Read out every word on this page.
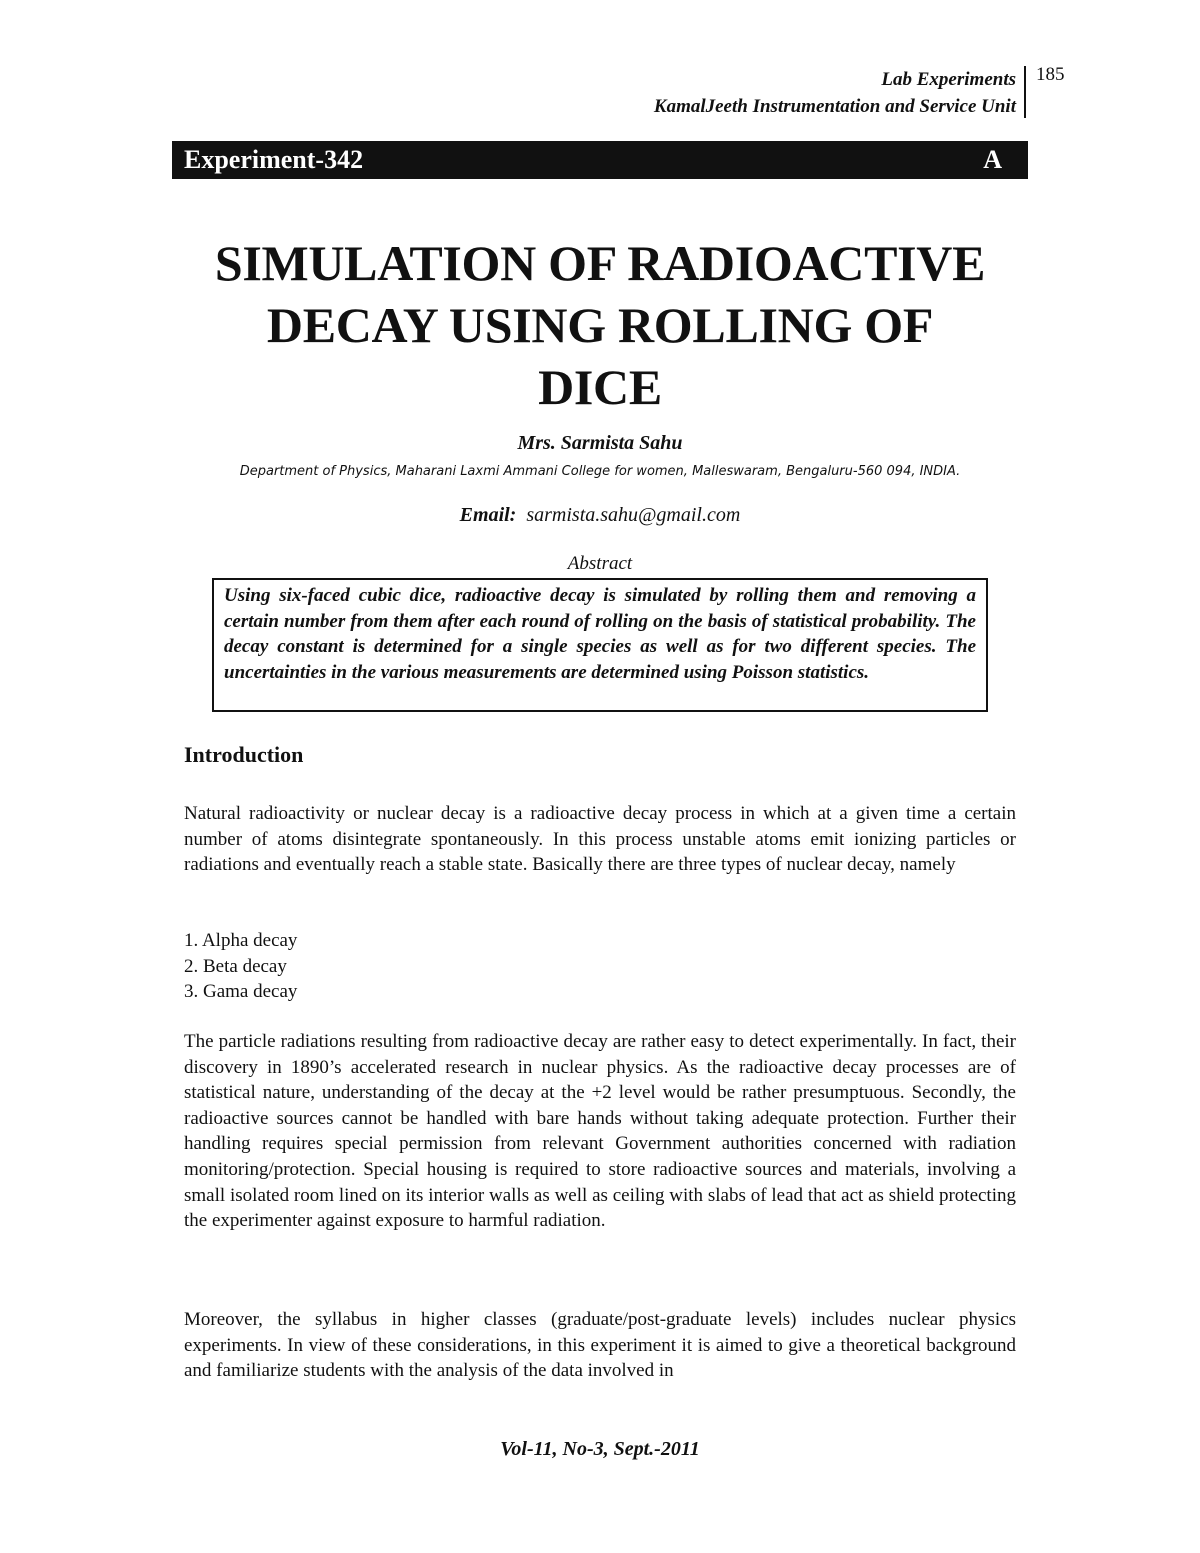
Lab Experiments
KamalJeeth Instrumentation and Service Unit
185
Experiment-342	A
SIMULATION OF RADIOACTIVE
DECAY USING ROLLING OF
DICE
Mrs. Sarmista Sahu
Department of Physics, Maharani Laxmi Ammani College for women, Malleswaram, Bengaluru-560 094, INDIA.
Email: sarmista.sahu@gmail.com
Abstract
Using six-faced cubic dice, radioactive decay is simulated by rolling them and removing a certain number from them after each round of rolling on the basis of statistical probability. The decay constant is determined for a single species as well as for two different species. The uncertainties in the various measurements are determined using Poisson statistics.
Introduction

Natural radioactivity or nuclear decay is a radioactive decay process in which at a given time a certain number of atoms disintegrate spontaneously. In this process unstable atoms emit ionizing particles or radiations and eventually reach a stable state. Basically there are three types of nuclear decay, namely

1. Alpha decay
2. Beta decay
3. Gama decay

The particle radiations resulting from radioactive decay are rather easy to detect experimentally. In fact, their discovery in 1890’s accelerated research in nuclear physics. As the radioactive decay processes are of statistical nature, understanding of the decay at the +2 level would be rather presumptuous. Secondly, the radioactive sources cannot be handled with bare hands without taking adequate protection. Further their handling requires special permission from relevant Government authorities concerned with radiation monitoring/protection. Special housing is required to store radioactive sources and materials, involving a small isolated room lined on its interior walls as well as ceiling with slabs of lead that act as shield protecting the experimenter against exposure to harmful radiation.

Moreover, the syllabus in higher classes (graduate/post-graduate levels) includes nuclear physics experiments. In view of these considerations, in this experiment it is aimed to give a theoretical background and familiarize students with the analysis of the data involved in

Vol-11, No-3, Sept.-2011
